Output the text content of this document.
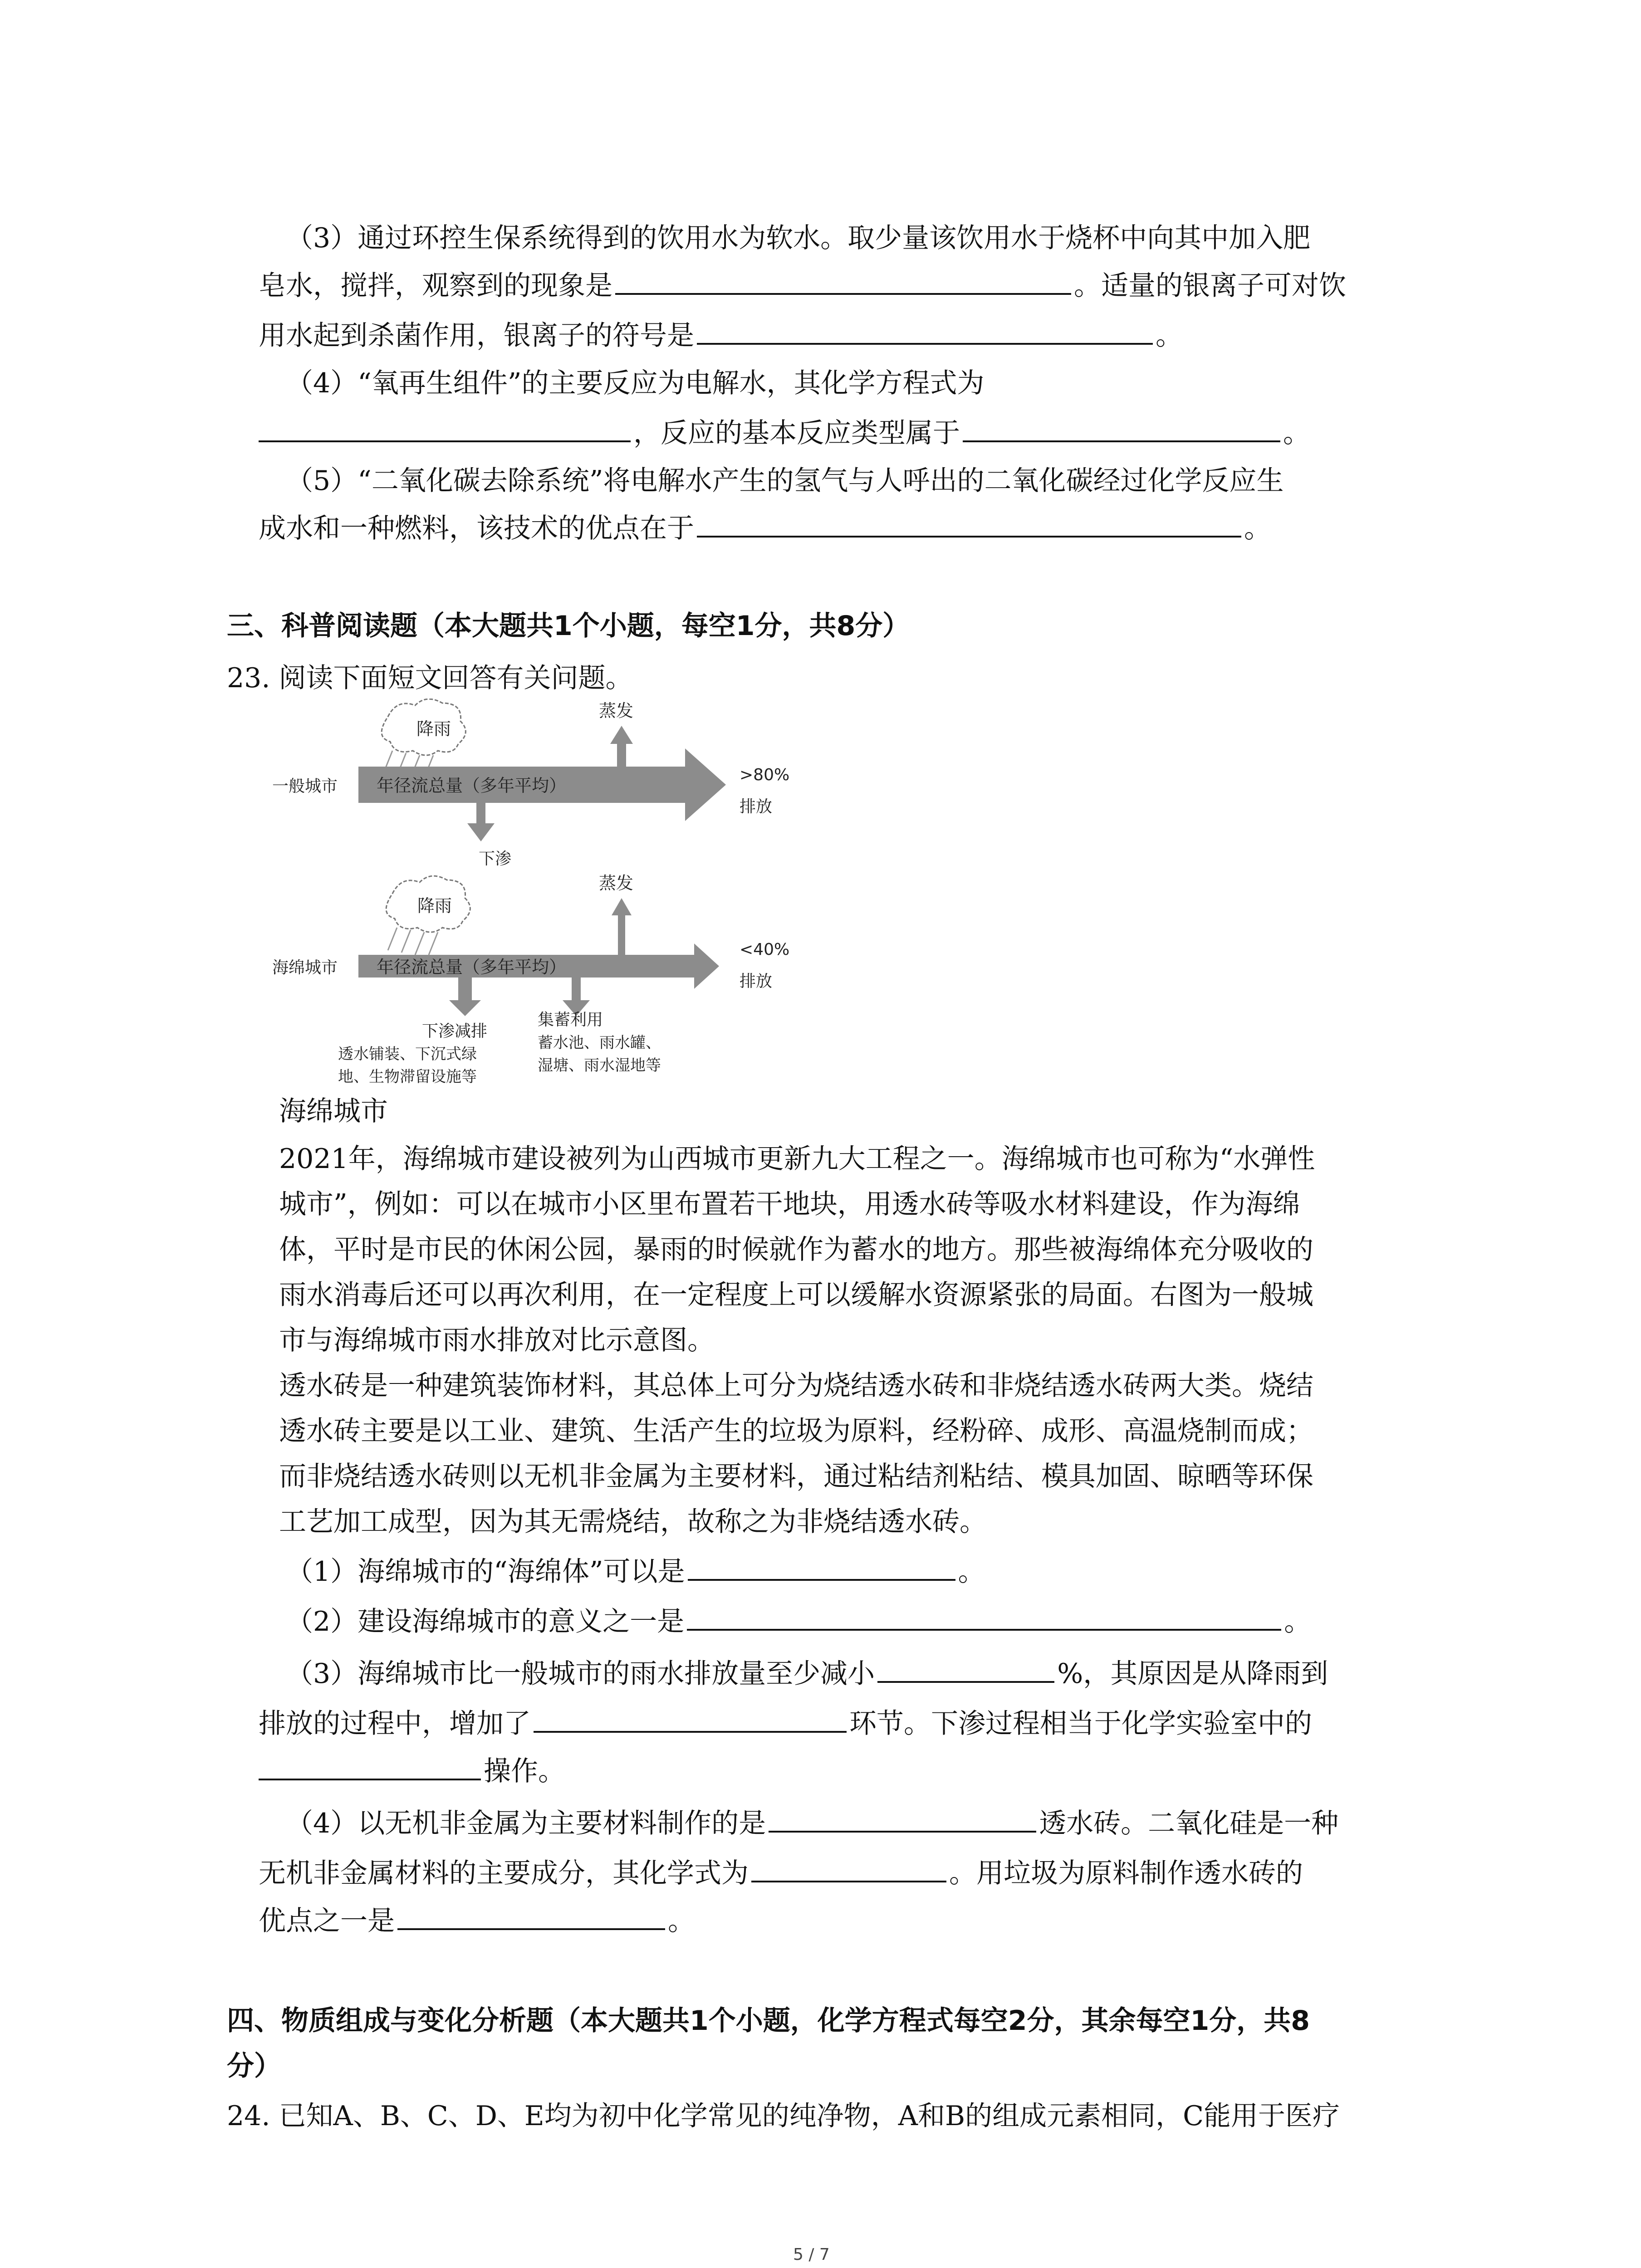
（3）通过环控生保系统得到的饮用水为软水。取少量该饮用水于烧杯中向其中加入肥
皂水，搅拌，观察到的现象是	。适量的银离子可对饮
用水起到杀菌作用，银离子的符号是	。
（4）“氧再生组件”的主要反应为电解水，其化学方程式为
，反应的基本反应类型属于	。
（5）“二氧化碳去除系统”将电解水产生的氢气与人呼出的二氧化碳经过化学反应生
成水和一种燃料，该技术的优点在于	。
三、科普阅读题（本大题共1个小题，每空1分，共8分）
23. 阅读下面短文回答有关问题。
降雨
蒸发
一般城市 年径流总量（多年平均）
>80%
排放
下渗
降雨
蒸发
海绵城市 年径流总量（多年平均）
<40%
排放
下渗减排
透水铺装、下沉式绿
地、生物滞留设施等
集蓄利用
蓄水池、雨水罐、
湿塘、雨水湿地等
海绵城市
2021年，海绵城市建设被列为山西城市更新九大工程之一。海绵城市也可称为“水弹性
城市”，例如：可以在城市小区里布置若干地块，用透水砖等吸水材料建设，作为海绵
体，平时是市民的休闲公园，暴雨的时候就作为蓄水的地方。那些被海绵体充分吸收的
雨水消毒后还可以再次利用，在一定程度上可以缓解水资源紧张的局面。右图为一般城
市与海绵城市雨水排放对比示意图。
透水砖是一种建筑装饰材料，其总体上可分为烧结透水砖和非烧结透水砖两大类。烧结
透水砖主要是以工业、建筑、生活产生的垃圾为原料，经粉碎、成形、高温烧制而成；
而非烧结透水砖则以无机非金属为主要材料，通过粘结剂粘结、模具加固、晾晒等环保
工艺加工成型，因为其无需烧结，故称之为非烧结透水砖。
（1）海绵城市的“海绵体”可以是	。
（2）建设海绵城市的意义之一是	。
（3）海绵城市比一般城市的雨水排放量至少减小	%，其原因是从降雨到
排放的过程中，增加了	环节。下渗过程相当于化学实验室中的
操作。
（4）以无机非金属为主要材料制作的是	透水砖。二氧化硅是一种
无机非金属材料的主要成分，其化学式为	。用垃圾为原料制作透水砖的
优点之一是	。
四、物质组成与变化分析题（本大题共1个小题，化学方程式每空2分，其余每空1分，共8
分）
24. 已知A、B、C、D、E均为初中化学常见的纯净物，A和B的组成元素相同，C能用于医疗
5 / 7
